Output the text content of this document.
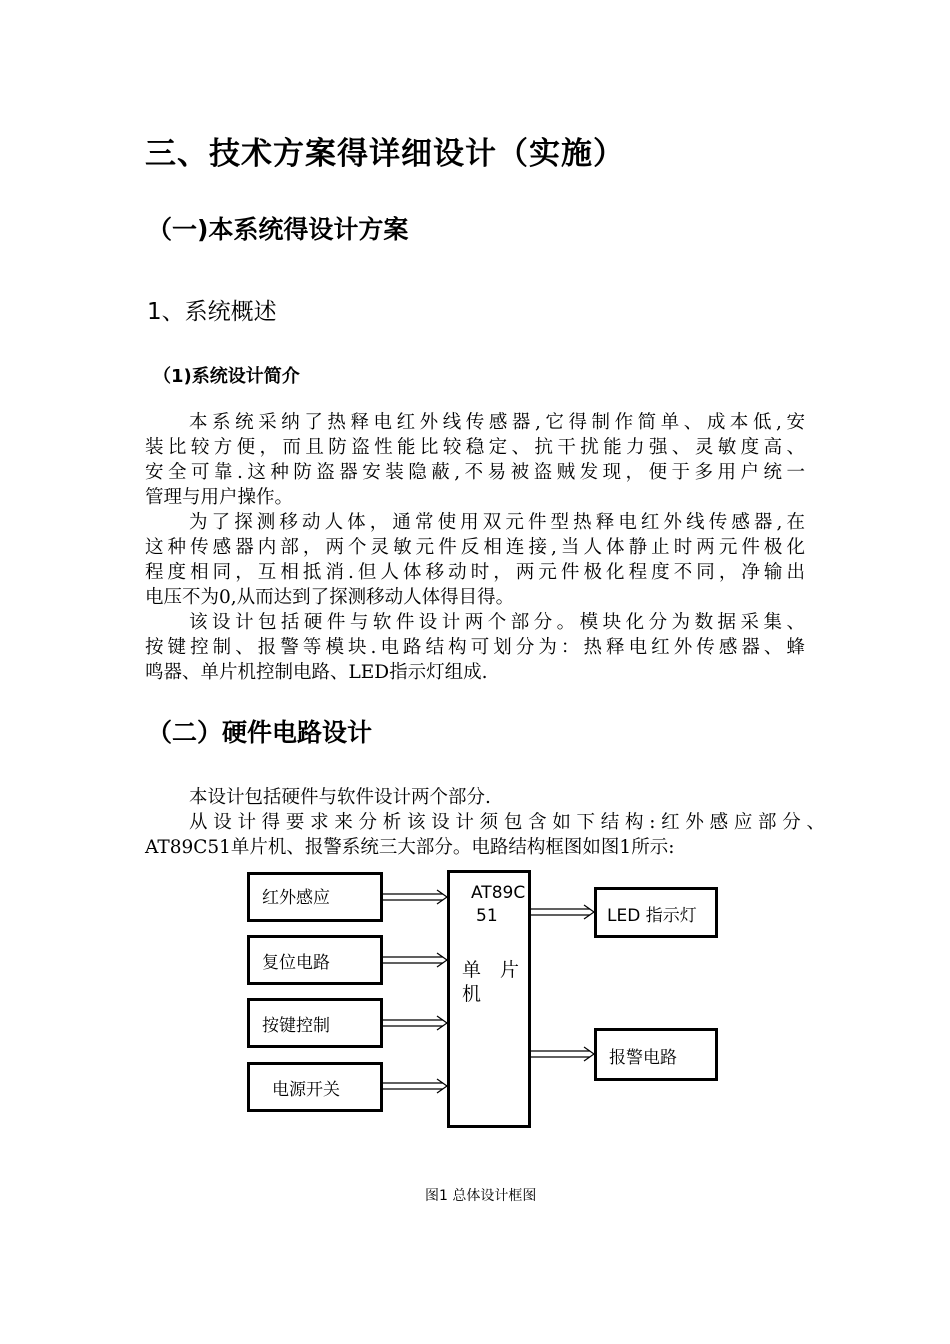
三、技术方案得详细设计（实施）
（一)本系统得设计方案
1、系统概述
（1)系统设计简介
本系统采纳了热释电红外线传感器,它得制作简单、成本低,安
装比较方便，而且防盗性能比较稳定、抗干扰能力强、灵敏度高、
安全可靠.这种防盗器安装隐蔽,不易被盗贼发现，便于多用户统一
管理与用户操作。
为了探测移动人体，通常使用双元件型热释电红外线传感器,在
这种传感器内部，两个灵敏元件反相连接,当人体静止时两元件极化
程度相同，互相抵消.但人体移动时，两元件极化程度不同，净输出
电压不为0,从而达到了探测移动人体得目得。
该设计包括硬件与软件设计两个部分。模块化分为数据采集、
按键控制、报警等模块.电路结构可划分为：热释电红外传感器、蜂
鸣器、单片机控制电路、LED指示灯组成.
（二）硬件电路设计
本设计包括硬件与软件设计两个部分.
从设计得要求来分析该设计须包含如下结构:红外感应部分、
AT89C51单片机、报警系统三大部分。电路结构框图如图1所示:
红外感应
复位电路
按键控制
电源开关
AT89C
51
单　片
机
LED 指示灯
报警电路
图1 总体设计框图
